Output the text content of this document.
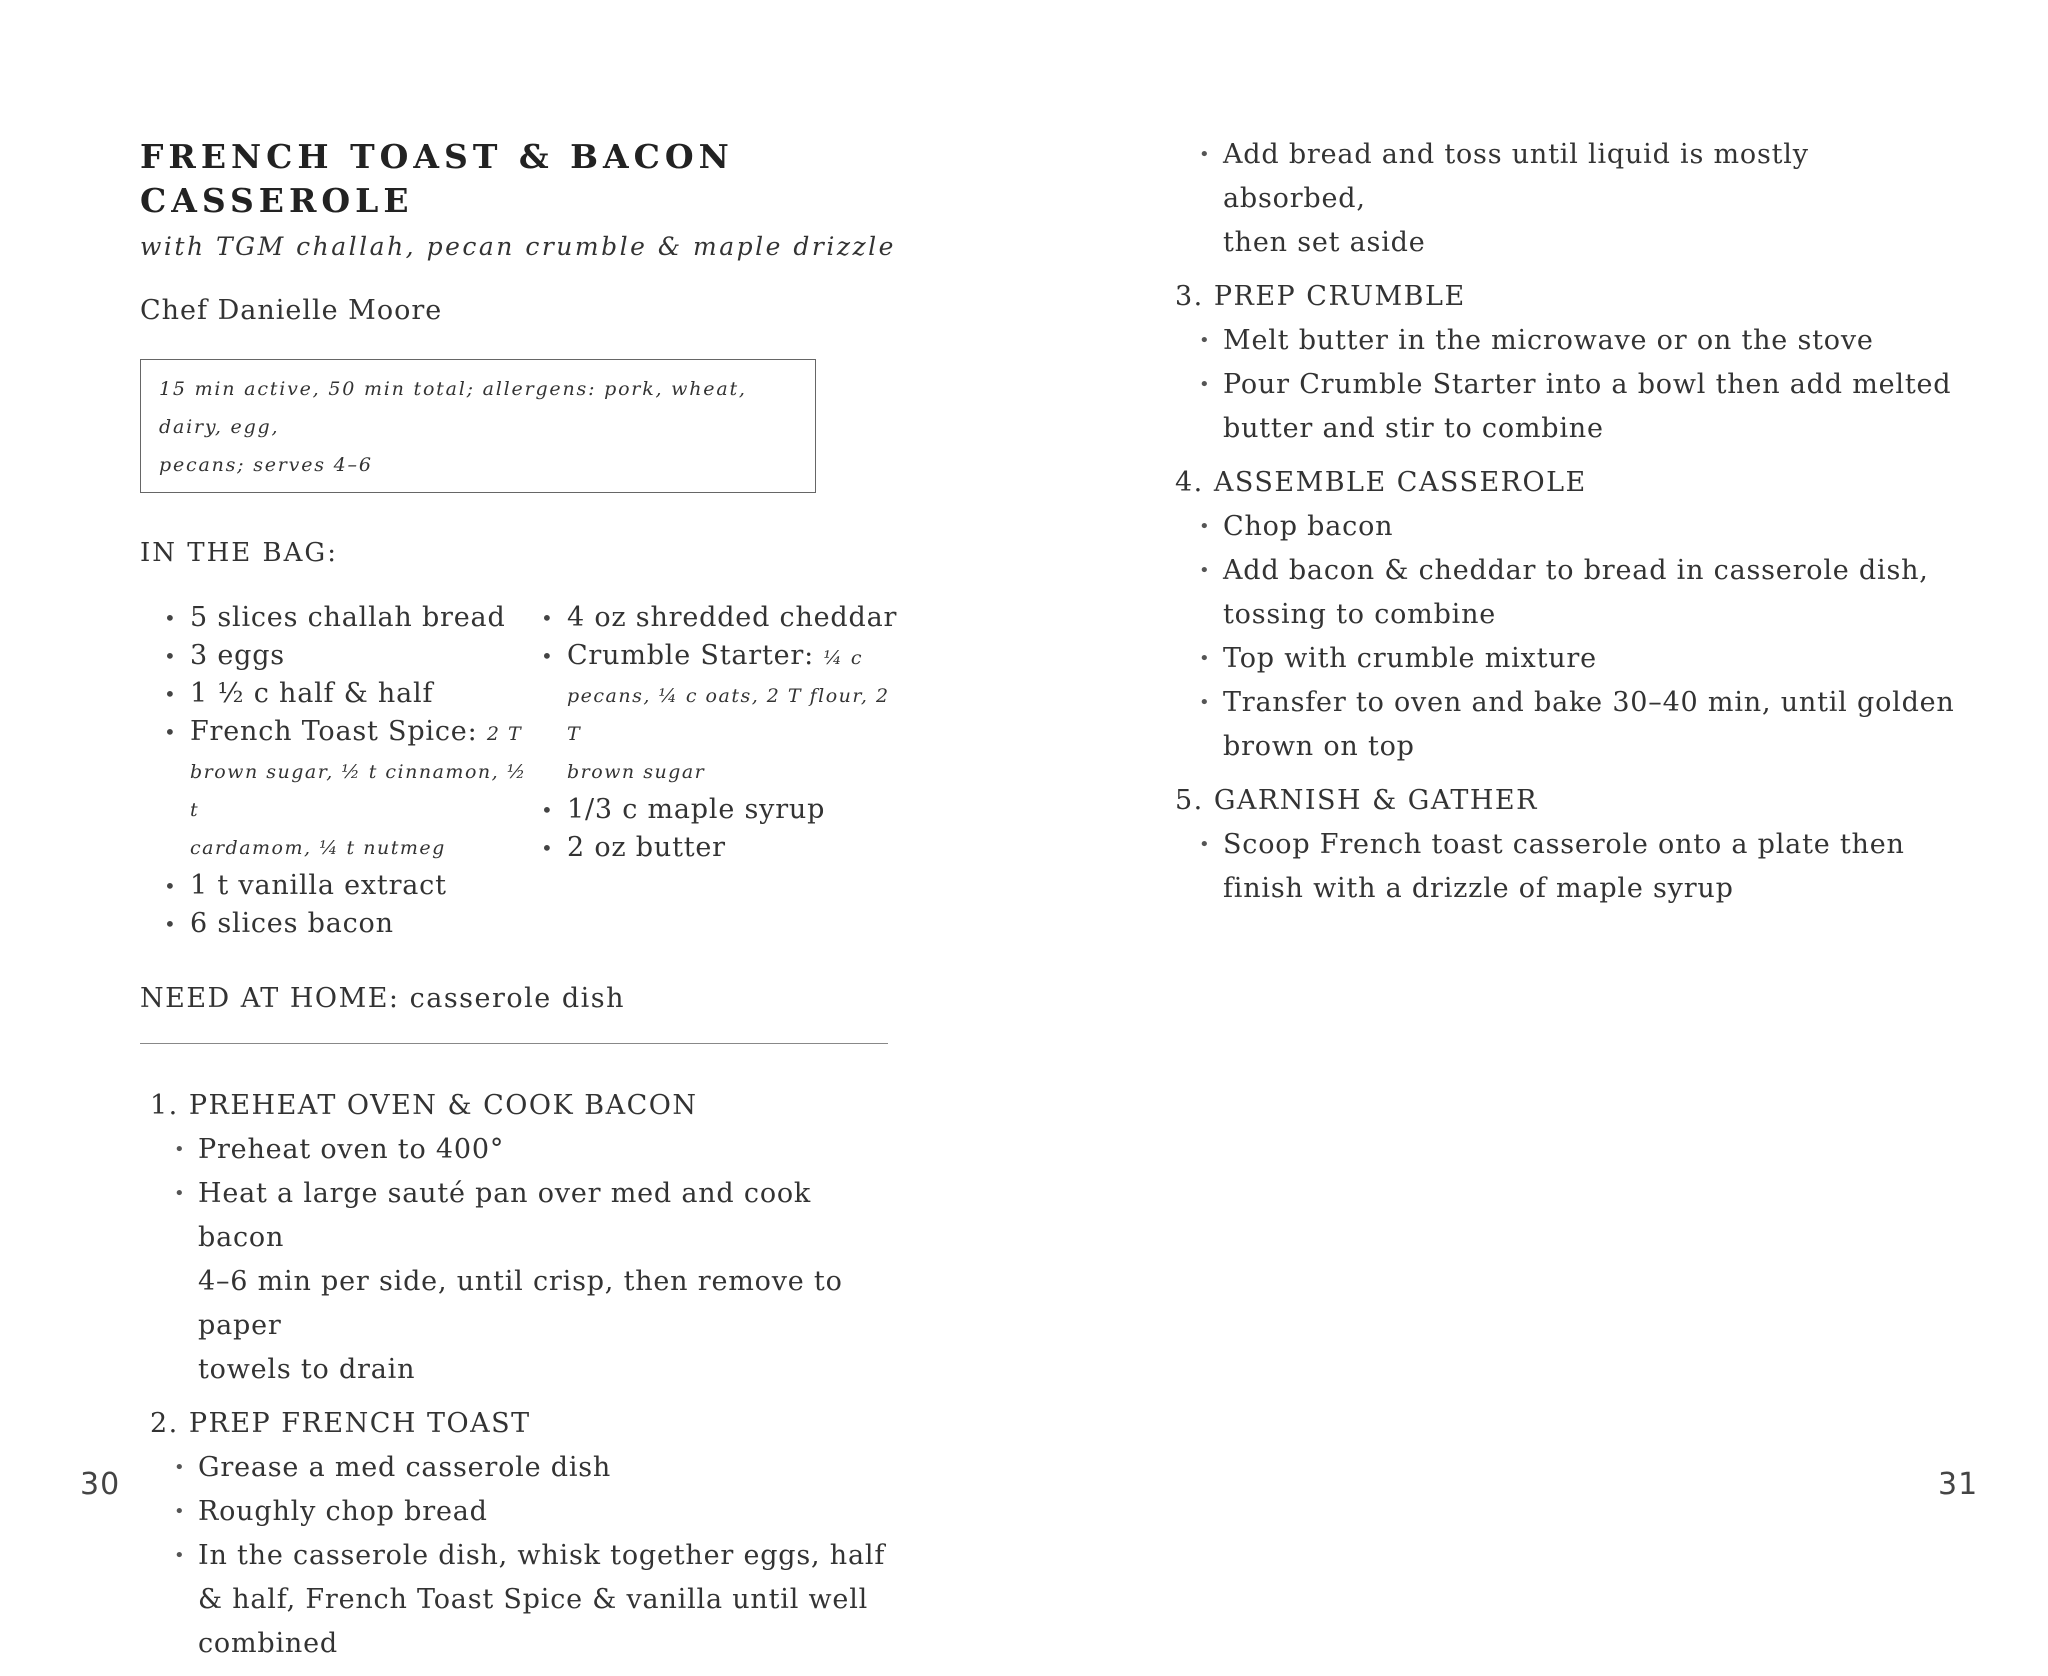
FRENCH TOAST & BACON CASSEROLE
with TGM challah, pecan crumble & maple drizzle
Chef Danielle Moore
15 min active, 50 min total; allergens: pork, wheat, dairy, egg,
pecans; serves 4–6
IN THE BAG:
• 5 slices challah bread
• 3 eggs
• 1 ½ c half & half
• French Toast Spice: 2 T
brown sugar, ½ t cinnamon, ½ t
cardamom, ¼ t nutmeg
• 1 t vanilla extract
• 6 slices bacon
• 4 oz shredded cheddar
• Crumble Starter: ¼ c
pecans, ¼ c oats, 2 T flour, 2 T
brown sugar
• 1/3 c maple syrup
• 2 oz butter
NEED AT HOME: casserole dish
1. PREHEAT OVEN & COOK BACON
• Preheat oven to 400°
• Heat a large sauté pan over med and cook bacon
4–6 min per side, until crisp, then remove to paper
towels to drain
2. PREP FRENCH TOAST
• Grease a med casserole dish
• Roughly chop bread
• In the casserole dish, whisk together eggs, half
& half, French Toast Spice & vanilla until well
combined
• Add bread and toss until liquid is mostly absorbed,
then set aside
3. PREP CRUMBLE
• Melt butter in the microwave or on the stove
• Pour Crumble Starter into a bowl then add melted
butter and stir to combine
4. ASSEMBLE CASSEROLE
• Chop bacon
• Add bacon & cheddar to bread in casserole dish,
tossing to combine
• Top with crumble mixture
• Transfer to oven and bake 30–40 min, until golden
brown on top
5. GARNISH & GATHER
• Scoop French toast casserole onto a plate then
finish with a drizzle of maple syrup
30	31
